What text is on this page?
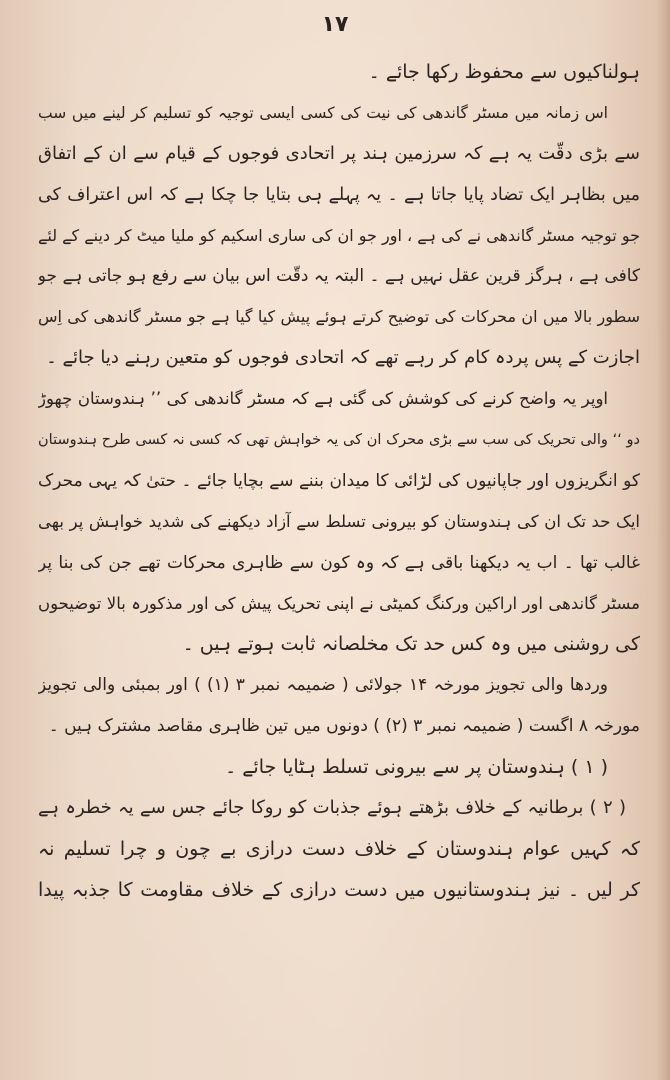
۱۷
ہولناکیوں سے محفوظ رکھا جائے ۔
اس زمانہ میں مسٹر گاندھی کی نیت کی کسی ایسی توجیہ کو تسلیم کر لینے میں سب
سے بڑی دقّت یہ ہے کہ سرزمین ہند پر اتحادی فوجوں کے قیام سے ان کے اتفاق
میں بظاہر ایک تضاد پایا جاتا ہے ۔ یہ پہلے ہی بتایا جا چکا ہے کہ اس اعتراف کی
جو توجیہ مسٹر گاندھی نے کی ہے ، اور جو ان کی ساری اسکیم کو ملیا میٹ کر دینے کے لئے
کافی ہے ، ہرگز قرین عقل نہیں ہے ۔ البتہ یہ دقّت اس بیان سے رفع ہو جاتی ہے جو
سطور بالا میں ان محرکات کی توضیح کرتے ہوئے پیش کیا گیا ہے جو مسٹر گاندھی کی اِس
اجازت کے پس پردہ کام کر رہے تھے کہ اتحادی فوجوں کو متعین رہنے دیا جائے ۔
اوپر یہ واضح کرنے کی کوشش کی گئی ہے کہ مسٹر گاندھی کی ’’ ہندوستان چھوڑ
دو ‘‘ والی تحریک کی سب سے بڑی محرک ان کی یہ خواہش تھی کہ کسی نہ کسی طرح ہندوستان
کو انگریزوں اور جاپانیوں کی لڑائی کا میدان بننے سے بچایا جائے ۔ حتیٰ کہ یہی محرک
ایک حد تک ان کی ہندوستان کو بیرونی تسلط سے آزاد دیکھنے کی شدید خواہش پر بھی
غالب تھا ۔ اب یہ دیکھنا باقی ہے کہ وہ کون سے ظاہری محرکات تھے جن کی بنا پر
مسٹر گاندھی اور اراکین ورکنگ کمیٹی نے اپنی تحریک پیش کی اور مذکورہ بالا توضیحوں
کی روشنی میں وہ کس حد تک مخلصانہ ثابت ہوتے ہیں ۔
وردھا والی تجویز مورخہ ۱۴ جولائی ( ضمیمہ نمبر ۳ (۱) ) اور بمبئی والی تجویز
مورخہ ۸ اگست ( ضمیمہ نمبر ۳ (۲) ) دونوں میں تین ظاہری مقاصد مشترک ہیں ۔
( ۱ ) ہندوستان پر سے بیرونی تسلط ہٹایا جائے ۔
( ۲ ) برطانیہ کے خلاف بڑھتے ہوئے جذبات کو روکا جائے جس سے یہ خطرہ ہے
کہ کہیں عوام ہندوستان کے خلاف دست درازی بے چون و چرا تسلیم نہ
کر لیں ۔ نیز ہندوستانیوں میں دست درازی کے خلاف مقاومت کا جذبہ پیدا
